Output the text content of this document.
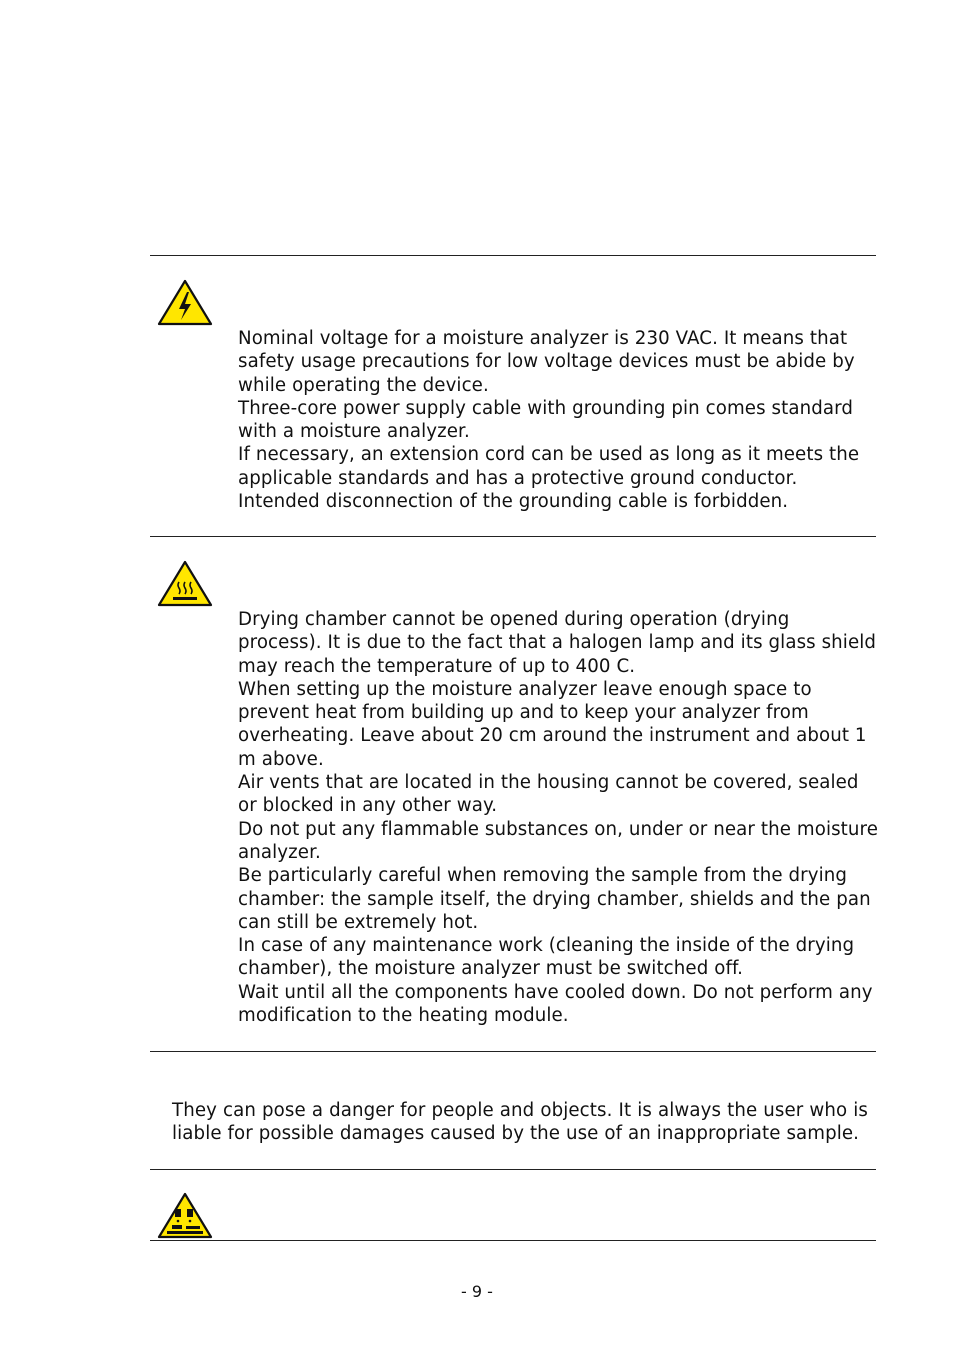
Nominal voltage for a moisture analyzer is 230 VAC. It means that safety usage precautions for low voltage devices must be abide by while operating the device.

Three-core power supply cable with grounding pin comes standard with a moisture analyzer.

If necessary, an extension cord can be used as long as it meets the applicable standards and has a protective ground conductor.

Intended disconnection of the grounding cable is forbidden.

Drying chamber cannot be opened during operation (drying process). It is due to the fact that a halogen lamp and its glass shield may reach the temperature of up to 400 C.

When setting up the moisture analyzer leave enough space to prevent heat from building up and to keep your analyzer from overheating. Leave about 20 cm around the instrument and about 1 m above.

Air vents that are located in the housing cannot be covered, sealed or blocked in any other way.

Do not put any flammable substances on, under or near the moisture analyzer.

Be particularly careful when removing the sample from the drying chamber: the sample itself, the drying chamber, shields and the pan can still be extremely hot.

In case of any maintenance work (cleaning the inside of the drying chamber), the moisture analyzer must be switched off.

Wait until all the components have cooled down. Do not perform any modification to the heating module.

They can pose a danger for people and objects. It is always the user who is liable for possible damages caused by the use of an inappropriate sample.
- 9 -
